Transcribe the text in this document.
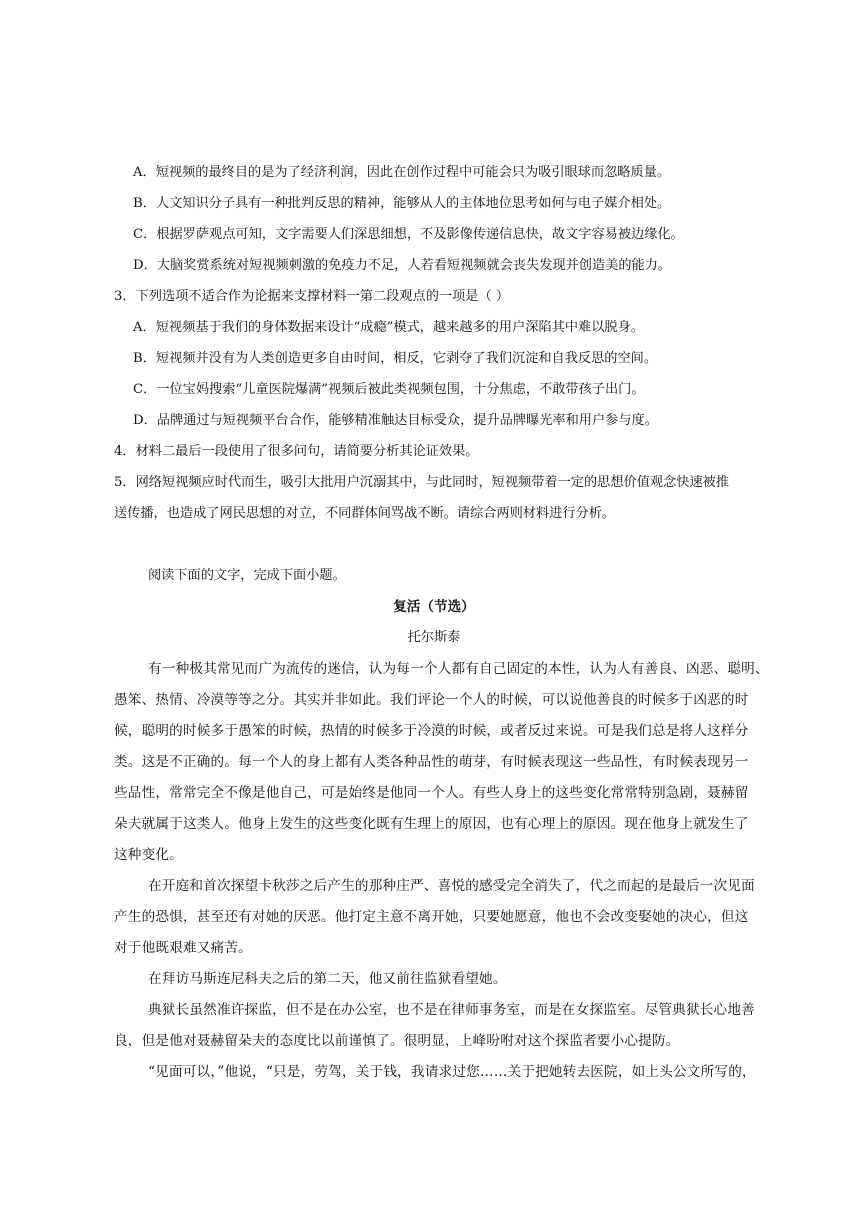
A．短视频的最终目的是为了经济利润，因此在创作过程中可能会只为吸引眼球而忽略质量。
B．人文知识分子具有一种批判反思的精神，能够从人的主体地位思考如何与电子媒介相处。
C．根据罗萨观点可知，文字需要人们深思细想，不及影像传递信息快，故文字容易被边缘化。
D．大脑奖赏系统对短视频刺激的免疫力不足，人若看短视频就会丧失发现并创造美的能力。
3．下列选项不适合作为论据来支撑材料一第二段观点的一项是（ ）
A．短视频基于我们的身体数据来设计“成瘾”模式，越来越多的用户深陷其中难以脱身。
B．短视频并没有为人类创造更多自由时间，相反，它剥夺了我们沉淀和自我反思的空间。
C．一位宝妈搜索“儿童医院爆满”视频后被此类视频包围，十分焦虑，不敢带孩子出门。
D．品牌通过与短视频平台合作，能够精准触达目标受众，提升品牌曝光率和用户参与度。
4．材料二最后一段使用了很多问句，请简要分析其论证效果。
5．网络短视频应时代而生，吸引大批用户沉溺其中，与此同时，短视频带着一定的思想价值观念快速被推
送传播，也造成了网民思想的对立，不同群体间骂战不断。请综合两则材料进行分析。
阅读下面的文字，完成下面小题。
复活（节选）
托尔斯泰
有一种极其常见而广为流传的迷信，认为每一个人都有自己固定的本性，认为人有善良、凶恶、聪明、
愚笨、热情、冷漠等等之分。其实并非如此。我们评论一个人的时候，可以说他善良的时候多于凶恶的时
候，聪明的时候多于愚笨的时候，热情的时候多于冷漠的时候，或者反过来说。可是我们总是将人这样分
类。这是不正确的。每一个人的身上都有人类各种品性的萌芽，有时候表现这一些品性，有时候表现另一
些品性，常常完全不像是他自己，可是始终是他同一个人。有些人身上的这些变化常常特别急剧，聂赫留
朵夫就属于这类人。他身上发生的这些变化既有生理上的原因，也有心理上的原因。现在他身上就发生了
这种变化。
在开庭和首次探望卡秋莎之后产生的那种庄严、喜悦的感受完全消失了，代之而起的是最后一次见面
产生的恐惧，甚至还有对她的厌恶。他打定主意不离开她，只要她愿意，他也不会改变娶她的决心，但这
对于他既艰难又痛苦。
在拜访马斯连尼科夫之后的第二天，他又前往监狱看望她。
典狱长虽然准许探监，但不是在办公室，也不是在律师事务室，而是在女探监室。尽管典狱长心地善
良，但是他对聂赫留朵夫的态度比以前谨慎了。很明显，上峰吩咐对这个探监者要小心提防。
“见面可以，”他说，“只是，劳驾，关于钱，我请求过您……关于把她转去医院，如上头公文所写的，
